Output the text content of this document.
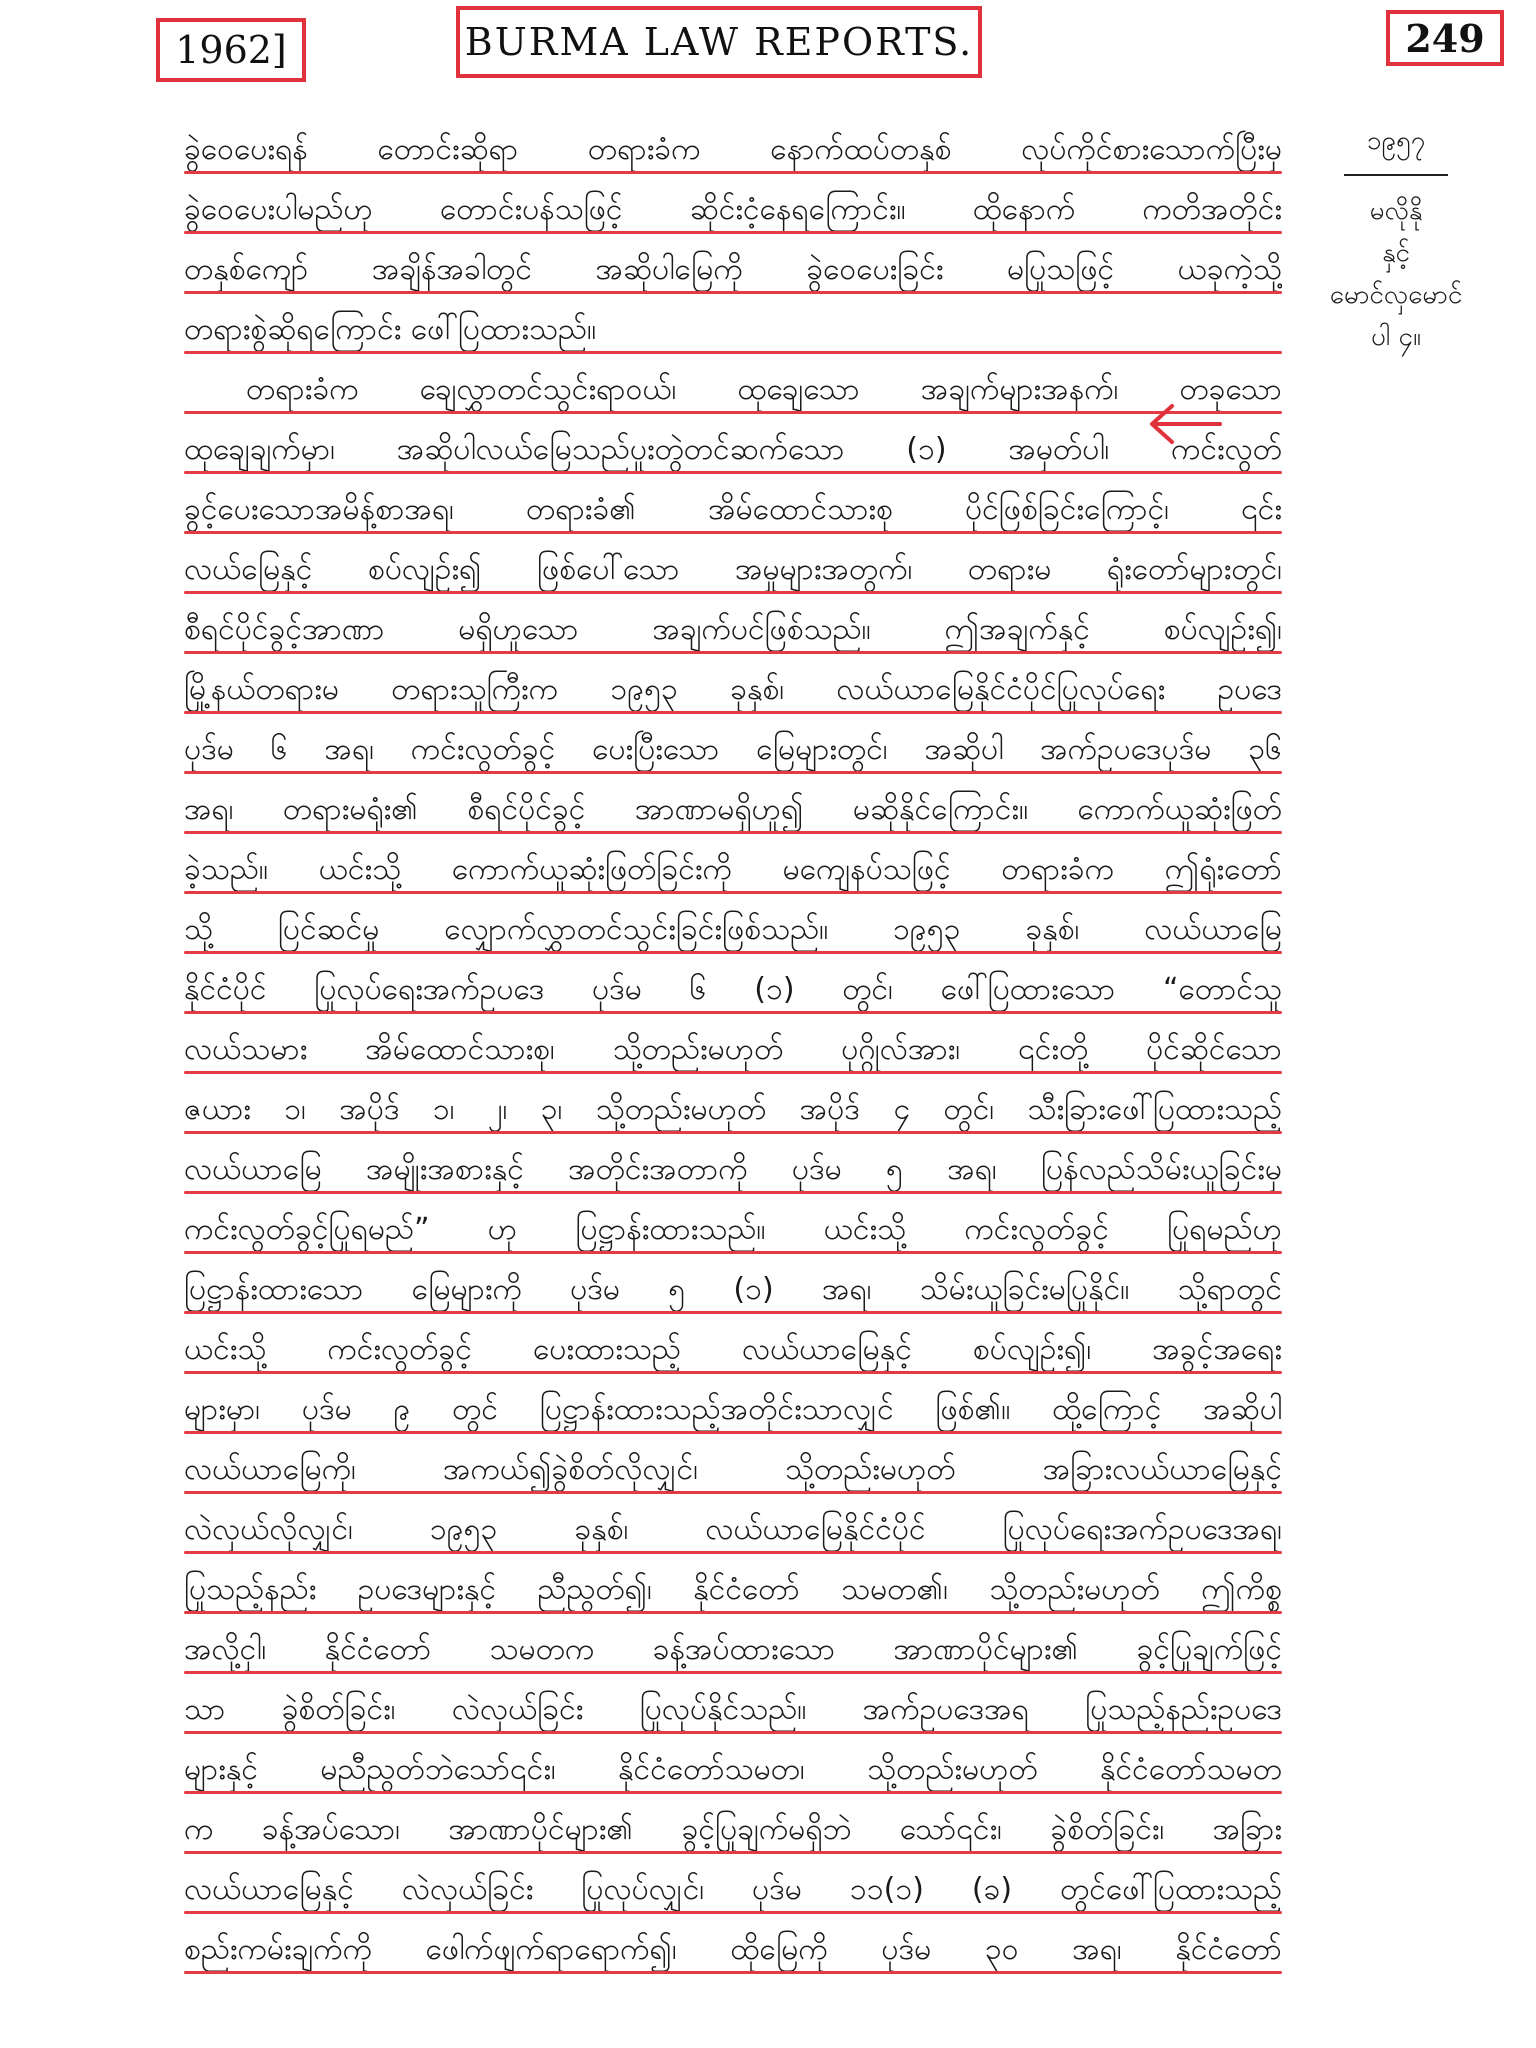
1962]	BURMA LAW REPORTS.	249
၁၉၅၇
မလိုနို
နှင့်
မောင်လှမောင်
ပါ ၄။
ခွဲဝေပေးရန် တောင်းဆိုရာ တရားခံက နောက်ထပ်တနှစ် လုပ်ကိုင်စားသောက်ပြီးမှ
ခွဲဝေပေးပါမည်ဟု တောင်းပန်သဖြင့် ဆိုင်းငံ့နေရကြောင်း။ ထိုနောက် ကတိအတိုင်း
တနှစ်ကျော် အချိန်အခါတွင် အဆိုပါမြေကို ခွဲဝေပေးခြင်း မပြုသဖြင့် ယခုကဲ့သို့
တရားစွဲဆိုရကြောင်း ဖေါ်ပြထားသည်။
တရားခံက ချေလွှာတင်သွင်းရာဝယ်၊ ထုချေသော အချက်များအနက်၊ တခုသော
ထုချေချက်မှာ၊ အဆိုပါလယ်မြေသည်ပူးတွဲတင်ဆက်သော (၁) အမှတ်ပါ၊ ကင်းလွတ်
ခွင့်ပေးသောအမိန့်စာအရ၊ တရားခံ၏ အိမ်ထောင်သားစု ပိုင်ဖြစ်ခြင်းကြောင့်၊ ၎င်း
လယ်မြေနှင့် စပ်လျဉ်း၍ ဖြစ်ပေါ်သော အမှုများအတွက်၊ တရားမ ရုံးတော်များတွင်၊
စီရင်ပိုင်ခွင့်အာဏာ မရှိဟူသော အချက်ပင်ဖြစ်သည်။ ဤအချက်နှင့် စပ်လျဉ်း၍၊
မြို့နယ်တရားမ တရားသူကြီးက ၁၉၅၃ ခုနှစ်၊ လယ်ယာမြေနိုင်ငံပိုင်ပြုလုပ်ရေး ဥပဒေ
ပုဒ်မ ၆ အရ၊ ကင်းလွတ်ခွင့် ပေးပြီးသော မြေများတွင်၊ အဆိုပါ အက်ဥပဒေပုဒ်မ ၃၆
အရ၊ တရားမရုံး၏ စီရင်ပိုင်ခွင့် အာဏာမရှိဟူ၍ မဆိုနိုင်ကြောင်း။ ကောက်ယူဆုံးဖြတ်
ခဲ့သည်။ ယင်းသို့ ကောက်ယူဆုံးဖြတ်ခြင်းကို မကျေနပ်သဖြင့် တရားခံက ဤရုံးတော်
သို့ ပြင်ဆင်မှု လျှောက်လွှာတင်သွင်းခြင်းဖြစ်သည်။ ၁၉၅၃ ခုနှစ်၊ လယ်ယာမြေ
နိုင်ငံပိုင် ပြုလုပ်ရေးအက်ဥပဒေ ပုဒ်မ ၆ (၁) တွင်၊ ဖေါ်ပြထားသော “တောင်သူ
လယ်သမား အိမ်ထောင်သားစု၊ သို့တည်းမဟုတ် ပုဂ္ဂိုလ်အား၊ ၎င်းတို့ ပိုင်ဆိုင်သော
ဇယား ၁၊ အပိုဒ် ၁၊ ၂၊ ၃၊ သို့တည်းမဟုတ် အပိုဒ် ၄ တွင်၊ သီးခြားဖေါ်ပြထားသည့်
လယ်ယာမြေ အမျိုးအစားနှင့် အတိုင်းအတာကို ပုဒ်မ ၅ အရ၊ ပြန်လည်သိမ်းယူခြင်းမှ
ကင်းလွတ်ခွင့်ပြုရမည်” ဟု ပြဋ္ဌာန်းထားသည်။ ယင်းသို့ ကင်းလွတ်ခွင့် ပြုရမည်ဟု
ပြဋ္ဌာန်းထားသော မြေများကို ပုဒ်မ ၅ (၁) အရ၊ သိမ်းယူခြင်းမပြုနိုင်။ သို့ရာတွင်
ယင်းသို့ ကင်းလွတ်ခွင့် ပေးထားသည့် လယ်ယာမြေနှင့် စပ်လျဉ်း၍၊ အခွင့်အရေး
များမှာ၊ ပုဒ်မ ၉ တွင် ပြဋ္ဌာန်းထားသည့်အတိုင်းသာလျှင် ဖြစ်၏။ ထို့ကြောင့် အဆိုပါ
လယ်ယာမြေကို၊ အကယ်၍ခွဲစိတ်လိုလျှင်၊ သို့တည်းမဟုတ် အခြားလယ်ယာမြေနှင့်
လဲလှယ်လိုလျှင်၊ ၁၉၅၃ ခုနှစ်၊ လယ်ယာမြေနိုင်ငံပိုင် ပြုလုပ်ရေးအက်ဥပဒေအရ၊
ပြုသည့်နည်း ဥပဒေများနှင့် ညီညွတ်၍၊ နိုင်ငံတော် သမတ၏၊ သို့တည်းမဟုတ် ဤကိစ္စ
အလို့ငှါ၊ နိုင်ငံတော် သမတက ခန့်အပ်ထားသော အာဏာပိုင်များ၏ ခွင့်ပြုချက်ဖြင့်
သာ ခွဲစိတ်ခြင်း၊ လဲလှယ်ခြင်း ပြုလုပ်နိုင်သည်။ အက်ဥပဒေအရ ပြုသည့်နည်းဥပဒေ
များနှင့် မညီညွတ်ဘဲသော်၎င်း၊ နိုင်ငံတော်သမတ၊ သို့တည်းမဟုတ် နိုင်ငံတော်သမတ
က ခန့်အပ်သော၊ အာဏာပိုင်များ၏ ခွင့်ပြုချက်မရှိဘဲ သော်၎င်း၊ ခွဲစိတ်ခြင်း၊ အခြား
လယ်ယာမြေနှင့် လဲလှယ်ခြင်း ပြုလုပ်လျှင်၊ ပုဒ်မ ၁၁(၁) (ခ) တွင်ဖေါ်ပြထားသည့်
စည်းကမ်းချက်ကို ဖေါက်ဖျက်ရာရောက်၍၊ ထိုမြေကို ပုဒ်မ ၃၀ အရ၊ နိုင်ငံတော်
